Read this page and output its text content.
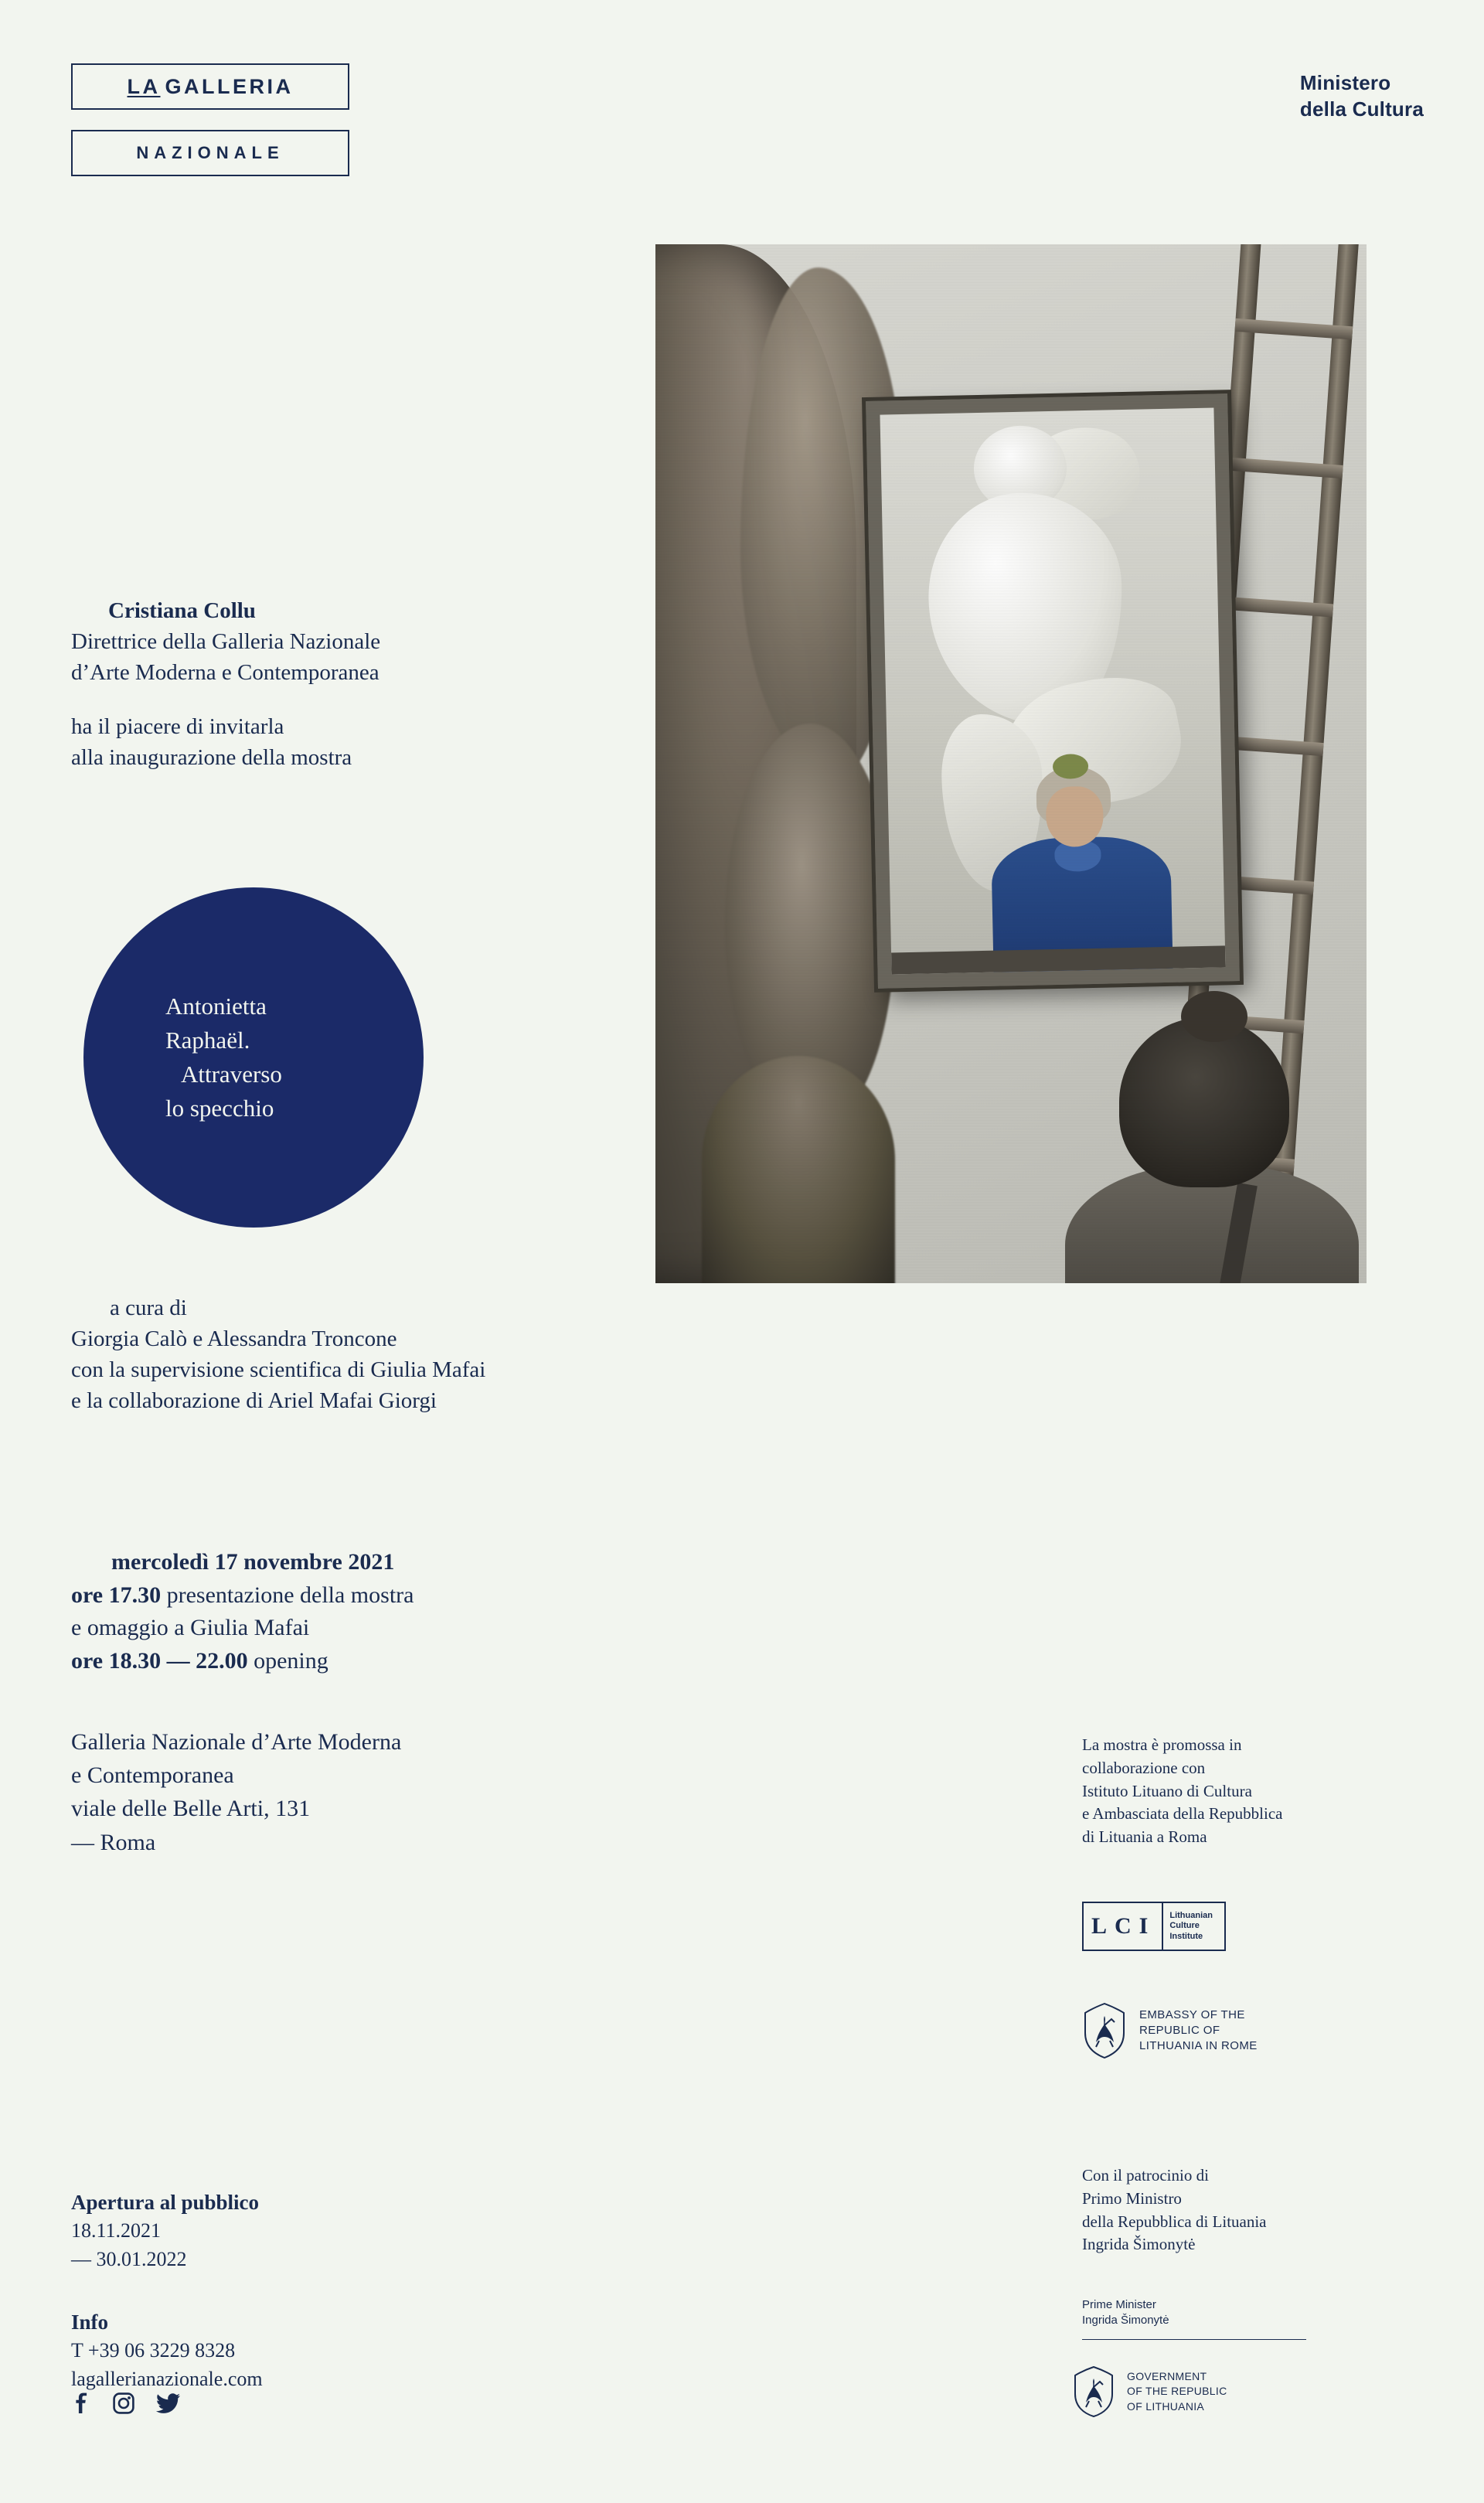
LA GALLERIA
NAZIONALE
Ministero
della Cultura
Cristiana Collu
Direttrice della Galleria Nazionale
d’Arte Moderna e Contemporanea
ha il piacere di invitarla
alla inaugurazione della mostra
Antonietta
Raphaël.
Attraverso
lo specchio
a cura di
Giorgia Calò e Alessandra Troncone
con la supervisione scientifica di Giulia Mafai
e la collaborazione di Ariel Mafai Giorgi
mercoledì 17 novembre 2021
ore 17.30 presentazione della mostra
e omaggio a Giulia Mafai
ore 18.30 — 22.00 opening
Galleria Nazionale d’Arte Moderna
e Contemporanea
viale delle Belle Arti, 131
— Roma
Apertura al pubblico
18.11.2021
— 30.01.2022
Info
T +39 06 3229 8328
lagallerianazionale.com
La mostra è promossa in
collaborazione con
Istituto Lituano di Cultura
e Ambasciata della Repubblica
di Lituania a Roma
LCI	Lithuanian
Culture
Institute
EMBASSY OF THE
REPUBLIC OF
LITHUANIA IN ROME
Con il patrocinio di
Primo Ministro
della Repubblica di Lituania
Ingrida Šimonytė
Prime Minister
Ingrida Šimonytė
GOVERNMENT
OF THE REPUBLIC
OF LITHUANIA
